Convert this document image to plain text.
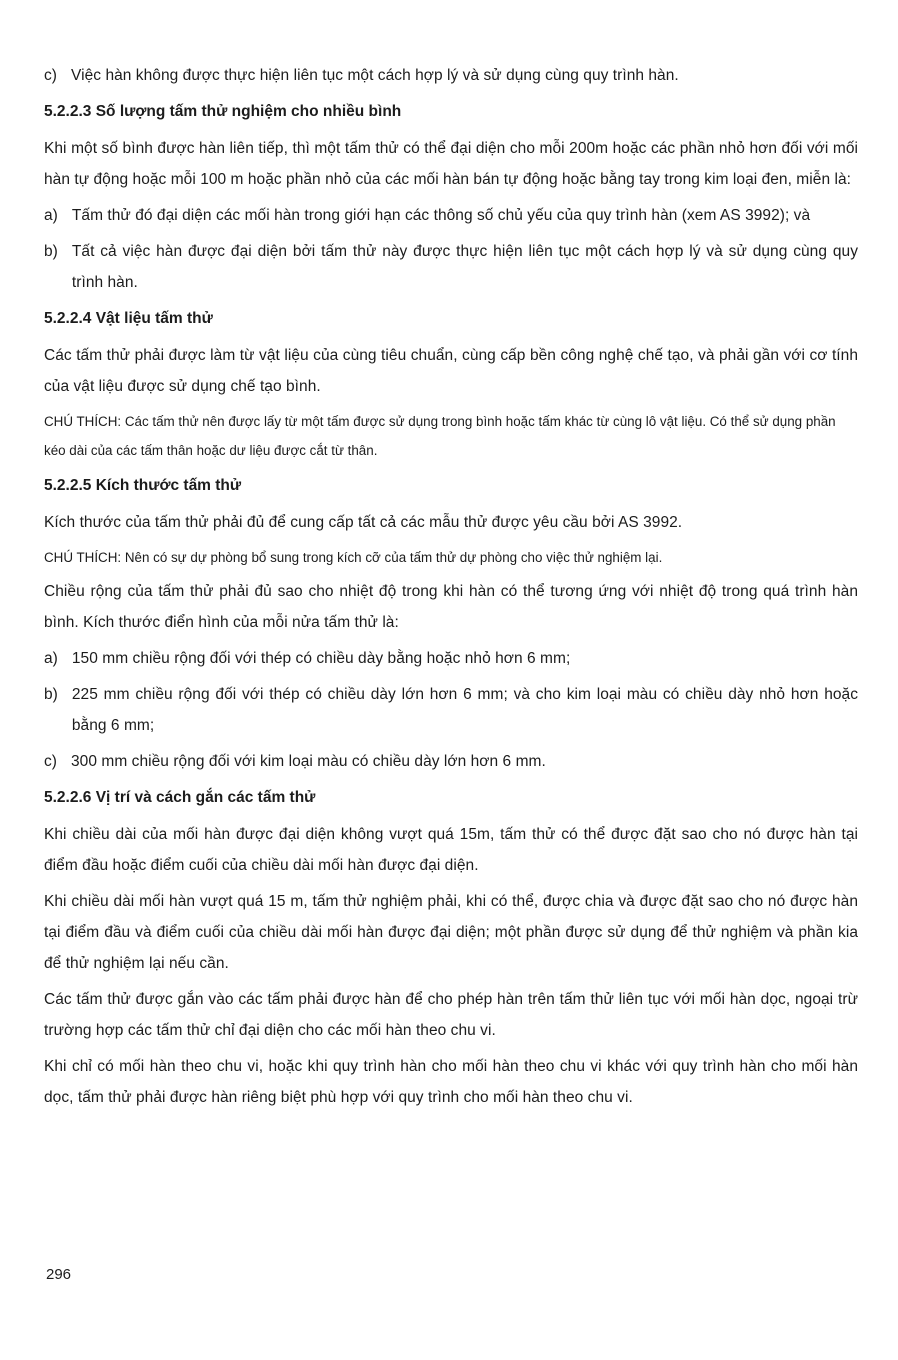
c) Việc hàn không được thực hiện liên tục một cách hợp lý và sử dụng cùng quy trình hàn.
5.2.2.3 Số lượng tấm thử nghiệm cho nhiều bình

Khi một số bình được hàn liên tiếp, thì một tấm thử có thể đại diện cho mỗi 200m hoặc các phần nhỏ hơn đối với mối hàn tự động hoặc mỗi 100 m hoặc phần nhỏ của các mối hàn bán tự động hoặc bằng tay trong kim loại đen, miễn là:

a) Tấm thử đó đại diện các mối hàn trong giới hạn các thông số chủ yếu của quy trình hàn (xem AS 3992); và
b) Tất cả việc hàn được đại diện bởi tấm thử này được thực hiện liên tục một cách hợp lý và sử dụng cùng quy trình hàn.
5.2.2.4 Vật liệu tấm thử

Các tấm thử phải được làm từ vật liệu của cùng tiêu chuẩn, cùng cấp bền công nghệ chế tạo, và phải gần với cơ tính của vật liệu được sử dụng chế tạo bình.

CHÚ THÍCH: Các tấm thử nên được lấy từ một tấm được sử dụng trong bình hoặc tấm khác từ cùng lô vật liệu. Có thể sử dụng phần kéo dài của các tấm thân hoặc dư liệu được cắt từ thân.

5.2.2.5 Kích thước tấm thử

Kích thước của tấm thử phải đủ để cung cấp tất cả các mẫu thử được yêu cầu bởi AS 3992.

CHÚ THÍCH: Nên có sự dự phòng bổ sung trong kích cỡ của tấm thử dự phòng cho việc thử nghiệm lại.

Chiều rộng của tấm thử phải đủ sao cho nhiệt độ trong khi hàn có thể tương ứng với nhiệt độ trong quá trình hàn bình. Kích thước điển hình của mỗi nửa tấm thử là:

a) 150 mm chiều rộng đối với thép có chiều dày bằng hoặc nhỏ hơn 6 mm;
b) 225 mm chiều rộng đối với thép có chiều dày lớn hơn 6 mm; và cho kim loại màu có chiều dày nhỏ hơn hoặc bằng 6 mm;
c) 300 mm chiều rộng đối với kim loại màu có chiều dày lớn hơn 6 mm.
5.2.2.6 Vị trí và cách gắn các tấm thử

Khi chiều dài của mối hàn được đại diện không vượt quá 15m, tấm thử có thể được đặt sao cho nó được hàn tại điểm đầu hoặc điểm cuối của chiều dài mối hàn được đại diện.

Khi chiều dài mối hàn vượt quá 15 m, tấm thử nghiệm phải, khi có thể, được chia và được đặt sao cho nó được hàn tại điểm đầu và điểm cuối của chiều dài mối hàn được đại diện; một phần được sử dụng để thử nghiệm và phần kia để thử nghiệm lại nếu cần.

Các tấm thử được gắn vào các tấm phải được hàn để cho phép hàn trên tấm thử liên tục với mối hàn dọc, ngoại trừ trường hợp các tấm thử chỉ đại diện cho các mối hàn theo chu vi.

Khi chỉ có mối hàn theo chu vi, hoặc khi quy trình hàn cho mối hàn theo chu vi khác với quy trình hàn cho mối hàn dọc, tấm thử phải được hàn riêng biệt phù hợp với quy trình cho mối hàn theo chu vi.

296
